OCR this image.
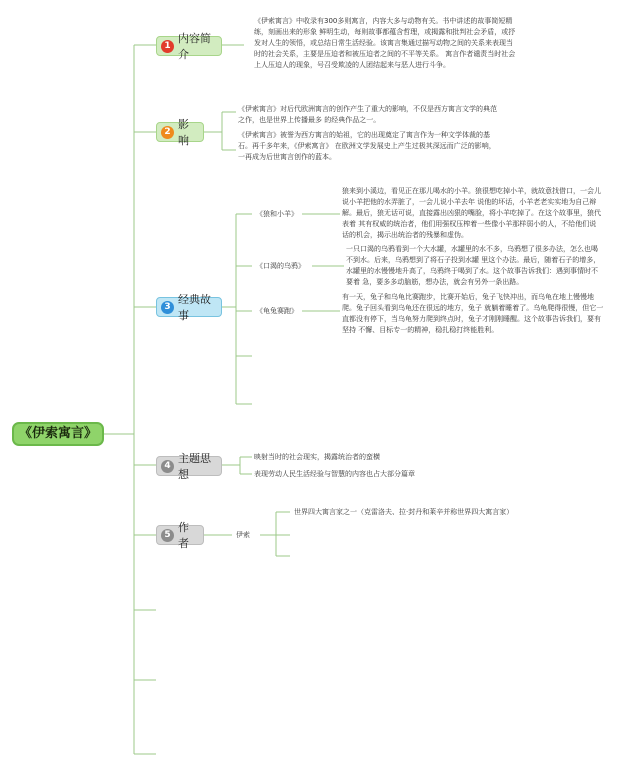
《伊索寓言》
1
内容简介
《伊索寓言》中收录有300多则寓言，内容大多与动物有关。书中讲述的故事简短精练，刻画出来的形象 鲜明生动，每则故事都蕴含哲理，或揭露和批判社会矛盾，或抒发对人生的领悟，或总结日常生活经验。该寓言集通过描写动物之间的关系来表现当时的社会关系，主要是压迫者和被压迫者之间的不平等关系。 寓言作者谴责当时社会上人压迫人的现象，号召受欺凌的人团结起来与恶人进行斗争。
2
影响
《伊索寓言》对后代欧洲寓言的创作产生了重大的影响，不仅是西方寓言文学的典范之作，也是世界上传播最多 的经典作品之一。
《伊索寓言》被誉为西方寓言的始祖，它的出现奠定了寓言作为一种文学体裁的基石。再千多年来，《伊索寓言》 在欧洲文学发展史上产生过极其深远而广泛的影响，一再成为后世寓言创作的蓝本。
3
经典故事
《狼和小羊》
狼来到小溪边，看见正在那儿喝水的小羊。狼很想吃掉小羊，就故意找借口，一会儿说小羊把他的水弄脏了，一会儿说小羊去年 说他的坏话，小羊老老实实地为自己辩解。最后，狼无话可说，直接露出凶狠的嘴脸，将小羊吃掉了。在这个故事里，狼代表着 其有权威的统治者，他们用强权压榨着一些像小羊那样弱小的人，不给他们说话的机会，揭示出统治者的残暴和虚伪。
《口渴的乌鸦》
一只口渴的乌鸦看到一个大水罐，水罐里的水不多，乌鸦想了很多办法，怎么也喝不到水。后来，乌鸦想到了将石子投到水罐 里这个办法。最后，随着石子的增多，水罐里的水慢慢地升高了，乌鸦终于喝到了水。这个故事告诉我们：遇到事情时不要着 急，要多多动脑筋，想办法，就会有另外一条出路。
《龟兔赛跑》
有一天，兔子和乌龟比赛跑步，比赛开始后，兔子飞快冲出，而乌龟在地上慢慢地爬。兔子回头看到乌龟还在很远的地方，兔子 就躺着睡着了。乌龟爬得很慢，但它一直都没有停下，当乌龟努力爬到终点时，兔子才刚刚睡醒。这个故事告诉我们，要有坚持 不懈、目标专一的精神，稳扎稳打终能胜利。
4
主题思想
映射当时的社会现实，揭露统治者的蛮横
表现劳动人民生活经验与智慧的内容也占大部分篇章
5
作者
伊索
世界四大寓言家之一（克雷洛夫、拉·封丹和莱辛并称世界四大寓言家）
